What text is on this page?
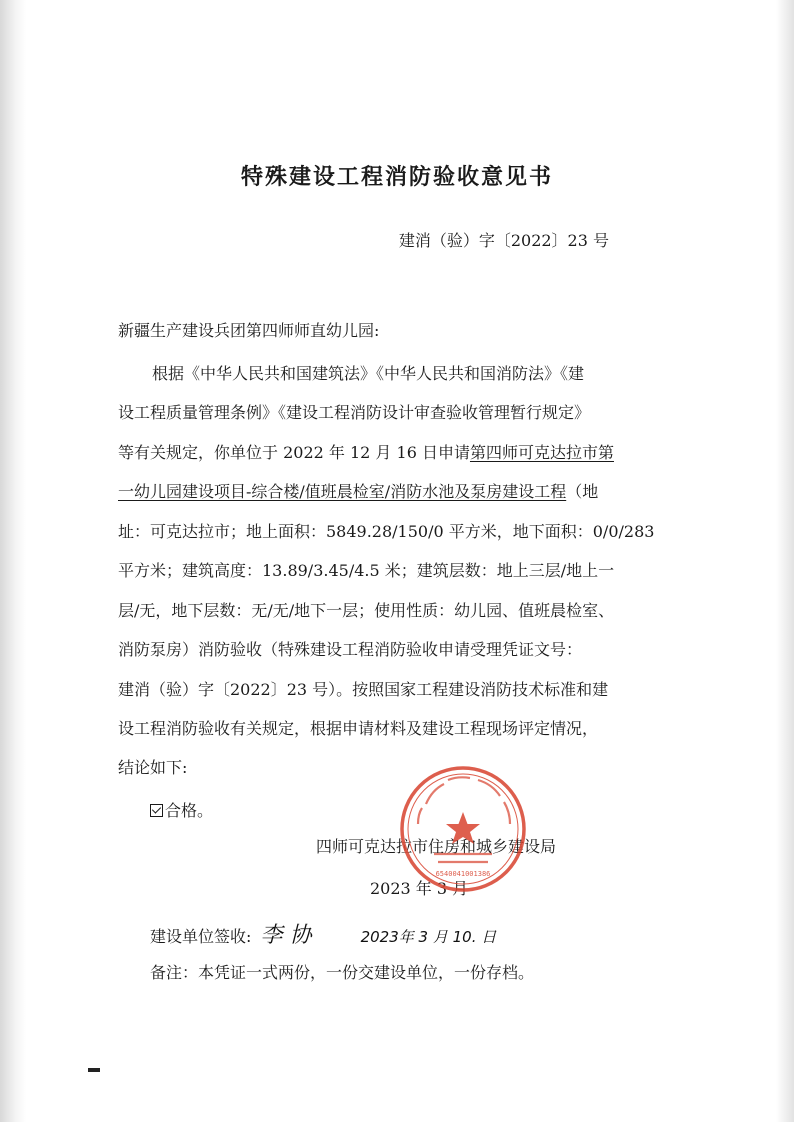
特殊建设工程消防验收意见书
建消（验）字〔2022〕23 号
新疆生产建设兵团第四师师直幼儿园:
根据《中华人民共和国建筑法》《中华人民共和国消防法》《建
设工程质量管理条例》《建设工程消防设计审查验收管理暂行规定》
等有关规定，你单位于 2022 年 12 月 16 日申请第四师可克达拉市第
一幼儿园建设项目-综合楼/值班晨检室/消防水池及泵房建设工程（地
址：可克达拉市；地上面积：5849.28/150/0 平方米，地下面积：0/0/283
平方米；建筑高度：13.89/3.45/4.5 米；建筑层数：地上三层/地上一
层/无，地下层数：无/无/地下一层；使用性质：幼儿园、值班晨检室、
消防泵房）消防验收（特殊建设工程消防验收申请受理凭证文号：
建消（验）字〔2022〕23 号）。按照国家工程建设消防技术标准和建
设工程消防验收有关规定，根据申请材料及建设工程现场评定情况，
结论如下:
合格。
四师可克达拉市住房和城乡建设局
2023 年 3 月
6540041001386
建设单位签收: 李 协	2023年 3 月 10. 日
备注：本凭证一式两份，一份交建设单位，一份存档。
